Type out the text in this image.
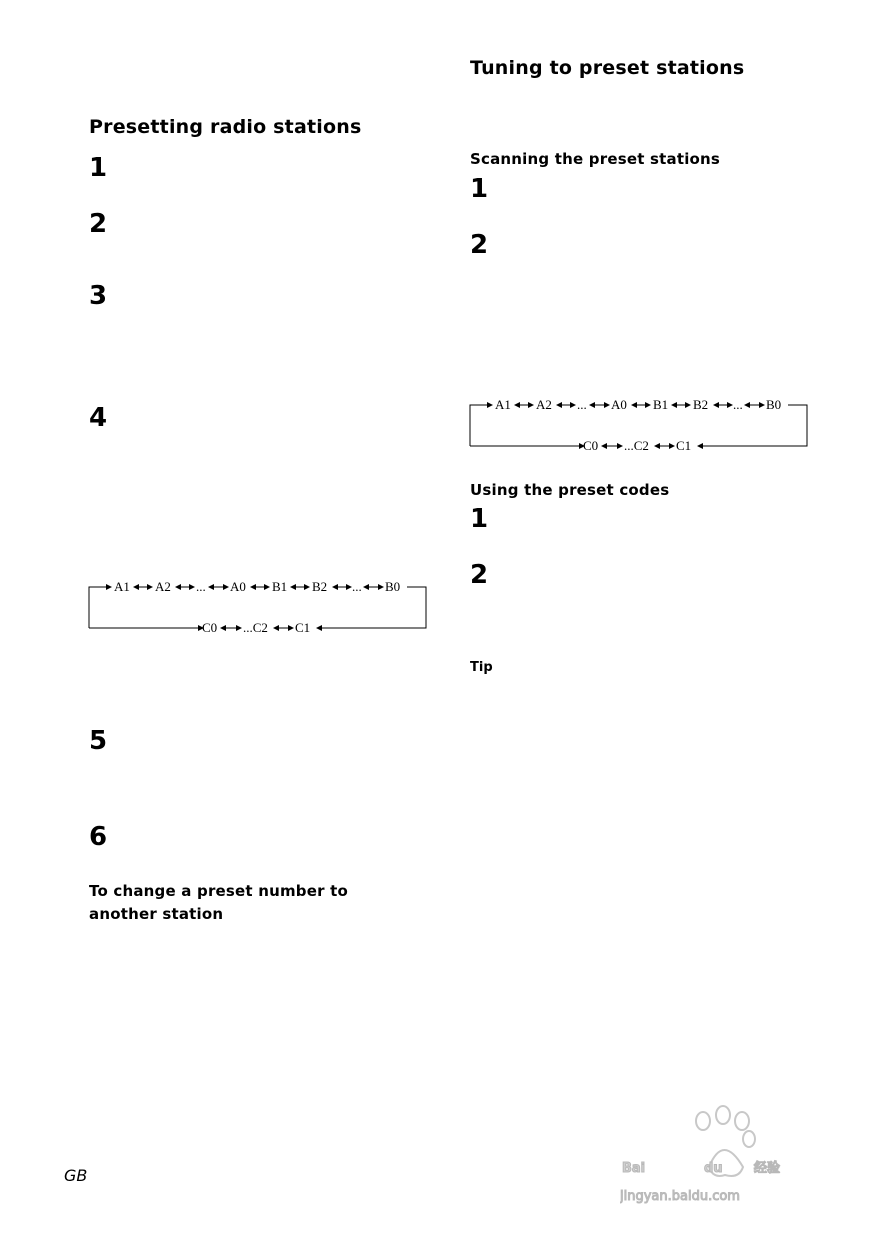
Presetting radio stations
1
2
3
4
A1 A2 ... A0 B1 B2 ... B0
C0 ...C2 C1
5
6
To change a preset number to another station
Tuning to preset stations
Scanning the preset stations
1
2
A1 A2 ... A0 B1 B2 ... B0
C0 ...C2 C1
Using the preset codes
1
2
Tip
GB	Bai	du 经验
jingyan.baidu.com
